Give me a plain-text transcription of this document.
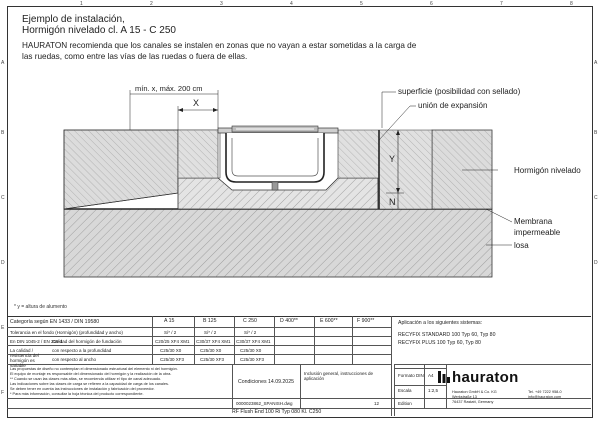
1	2	3	4	5	6	7	8
A
B
C
D
E
F
A
B
C
D
Ejemplo de instalación,
Hormigón nivelado cl. A 15 - C 250
HAURATON recomienda que los canales se instalen en zonas que no vayan a estar sometidas a la carga de las ruedas, como entre las vías de las ruedas o fuera de ellas.
mín. x, máx. 200 cm
X
Y
N
superficie (posibilidad con sellado)
unión de expansión
Hormigón nivelado
Membrana
impermeable
losa
* y = altura de alumento
Categoría según EN 1433 / DIN 19580	A 15	B 125	C 250	D 400**	E 600**	F 900**
Tolerancia en el fondo (Hormigón) (profundidad y ancho)	Sí* / 2	Sí* / 2	Sí* / 2
En DIN 1045-2 / EN 206-1
Calidad del hormigón de fundación	C20/25 XF4 XM1	C30/37 XF4 XM1	C30/37 XF4 XM1
La calidad / resistencia del hormigón es variable
con respecto a la profundidad	C25/30 X0	C25/30 X0	C25/30 X0
con respecto al ancho	C25/30 XF3	C25/30 XF3	C25/30 XF3
Aplicación a los siguientes sistemas:
RECYFIX STANDARD 100 Typ 60, Typ 80
RECYFIX PLUS 100 Typ 60, Typ 80
Las propuestas de diseño no contemplan el dimensionado estructural del elemento ni del hormigón.
El equipo de montaje es responsable del dimensionado del hormigón y la realización de la obra.
** Cuando se usan las clases más altas, se recomienda utilizar el tipo de canal adecuado.
Las indicaciones sobre las clases de carga se refieren a la capacidad de carga de los canales.
Se deben tener en cuenta las instrucciones de instalación y fabricación del proveedor.
* Para más información, consultar la hoja técnica del producto correspondiente.
0000023862_SPANISH.dwg
Condiciones 14.09.2025
Inclusión general, instrucciones de aplicación
12
RF Flush End 100 Ri Typ 080 Kl. C250
Formato DIN A4
Escala	1:2,5
Edition
hauraton
Hauraton GmbH & Co. KG
Werkstraße 13
76437 Rastatt, Germany
Tel. +49 7222 958-0
info@hauraton.com
